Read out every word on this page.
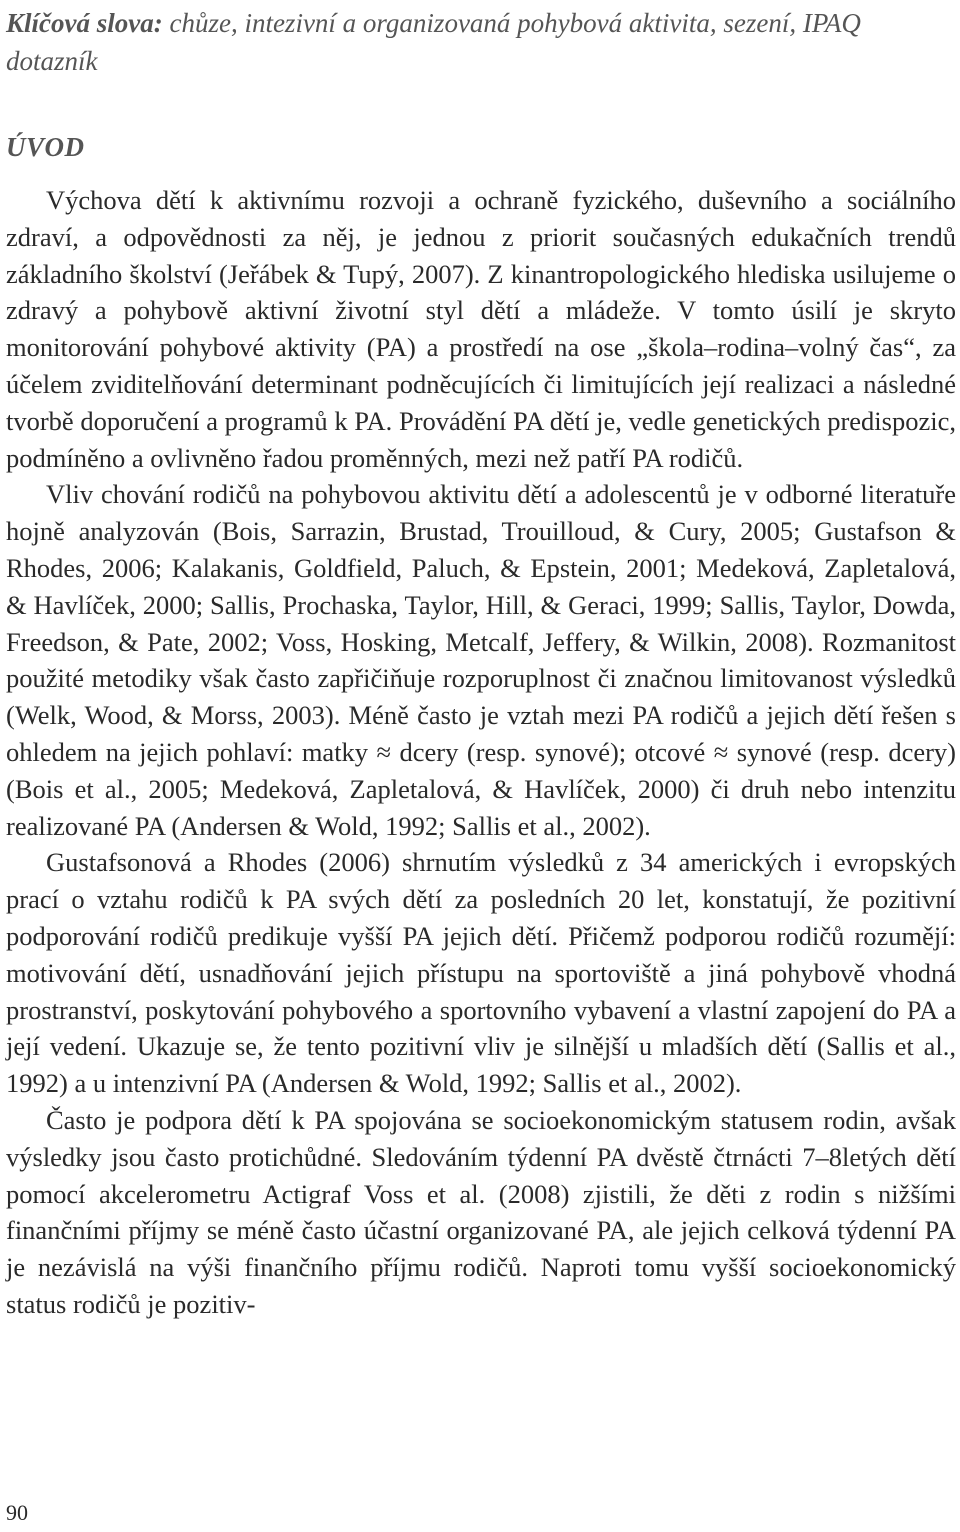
Klíčová slova: chůze, intezivní a organizovaná pohybová aktivita, sezení, IPAQ dotazník

ÚVOD

Výchova dětí k aktivnímu rozvoji a ochraně fyzického, duševního a sociálního zdraví, a odpovědnosti za něj, je jednou z priorit současných edukačních trendů základního školství (Jeřábek & Tupý, 2007). Z kinantropologického hlediska usilujeme o zdravý a pohybově aktivní životní styl dětí a mládeže. V tomto úsilí je skryto monitorování pohybové aktivity (PA) a prostředí na ose „škola–rodina–volný čas“, za účelem zviditelňování determinant podněcujících či limitujících její realizaci a následné tvorbě doporučení a programů k PA. Provádění PA dětí je, vedle genetických predispozic, podmíněno a ovlivněno řadou proměnných, mezi než patří PA rodičů.

Vliv chování rodičů na pohybovou aktivitu dětí a adolescentů je v odborné literatuře hojně analyzován (Bois, Sarrazin, Brustad, Trouilloud, & Cury, 2005; Gustafson & Rhodes, 2006; Kalakanis, Goldfield, Paluch, & Epstein, 2001; Medeková, Zapletalová, & Havlíček, 2000; Sallis, Prochaska, Taylor, Hill, & Geraci, 1999; Sallis, Taylor, Dowda, Freedson, & Pate, 2002; Voss, Hosking, Metcalf, Jeffery, & Wilkin, 2008). Rozmanitost použité metodiky však často zapřičiňuje rozporuplnost či značnou limitovanost výsledků (Welk, Wood, & Morss, 2003). Méně často je vztah mezi PA rodičů a jejich dětí řešen s ohledem na jejich pohlaví: matky ≈ dcery (resp. synové); otcové ≈ synové (resp. dcery) (Bois et al., 2005; Medeková, Zapletalová, & Havlíček, 2000) či druh nebo intenzitu realizované PA (Andersen & Wold, 1992; Sallis et al., 2002).

Gustafsonová a Rhodes (2006) shrnutím výsledků z 34 amerických i evropských prací o vztahu rodičů k PA svých dětí za posledních 20 let, konstatují, že pozitivní podporování rodičů predikuje vyšší PA jejich dětí. Přičemž podporou rodičů rozumějí: motivování dětí, usnadňování jejich přístupu na sportoviště a jiná pohybově vhodná prostranství, poskytování pohybového a sportovního vybavení a vlastní zapojení do PA a její vedení. Ukazuje se, že tento pozitivní vliv je silnější u mladších dětí (Sallis et al., 1992) a u intenzivní PA (Andersen & Wold, 1992; Sallis et al., 2002).

Často je podpora dětí k PA spojována se socioekonomickým statusem rodin, avšak výsledky jsou často protichůdné. Sledováním týdenní PA dvěstě čtrnácti 7–8letých dětí pomocí akcelerometru Actigraf Voss et al. (2008) zjistili, že děti z rodin s nižšími finančními příjmy se méně často účastní organizované PA, ale jejich celková týdenní PA je nezávislá na výši finančního příjmu rodičů. Naproti tomu vyšší socioekonomický status rodičů je pozitiv-

90
